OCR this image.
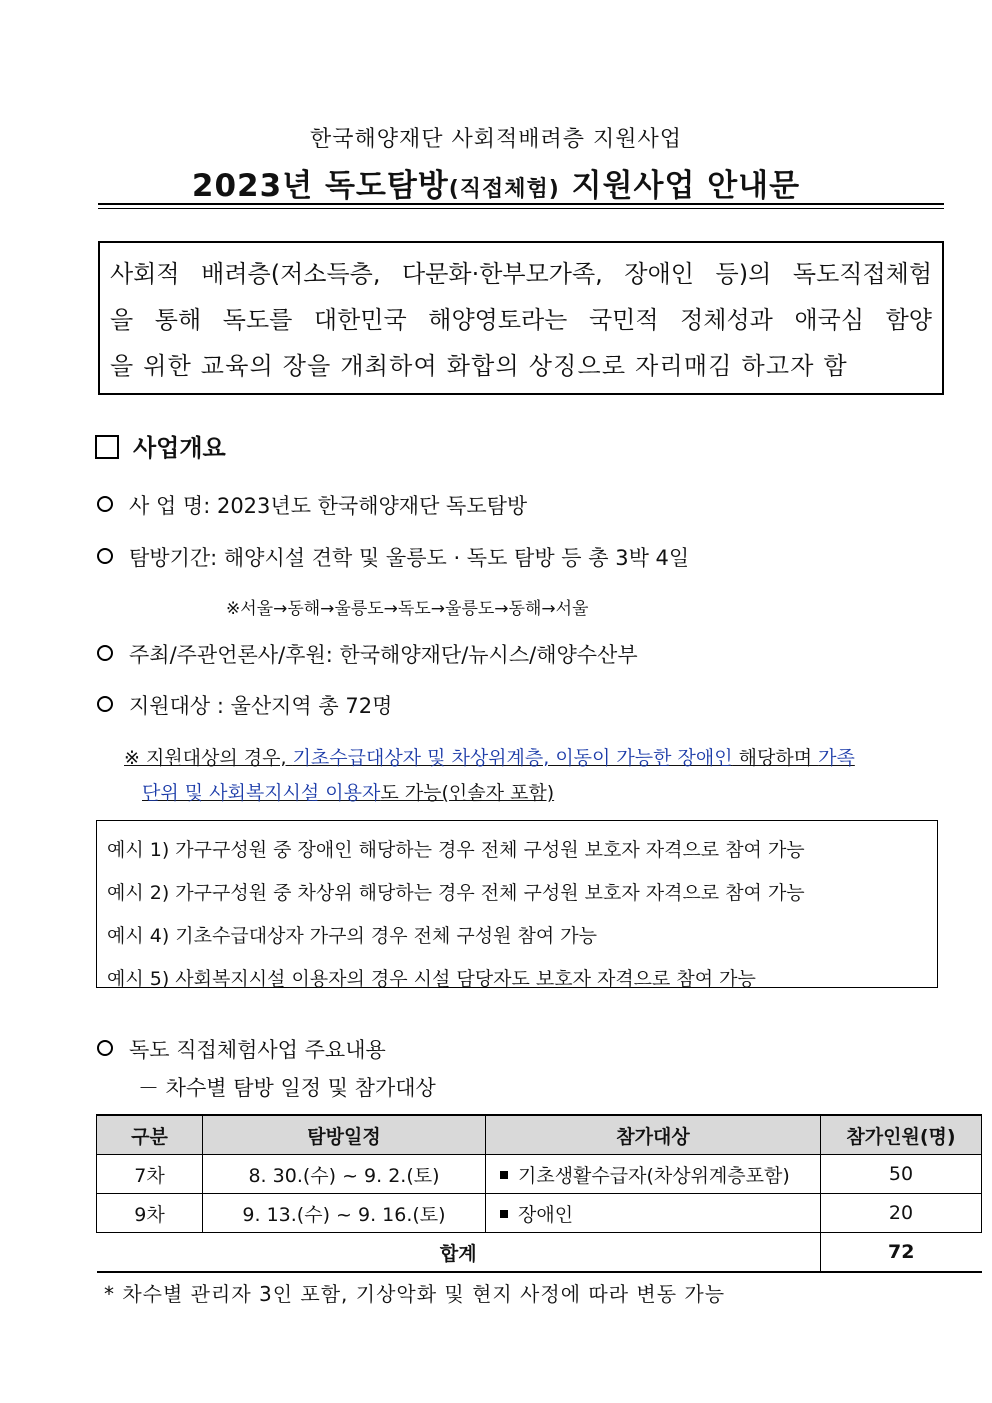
한국해양재단 사회적배려층 지원사업
2023년 독도탐방(직접체험) 지원사업 안내문
사회적 배려층(저소득층, 다문화·한부모가족, 장애인 등)의 독도직접체험
을 통해 독도를 대한민국 해양영토라는 국민적 정체성과 애국심 함양
을 위한 교육의 장을 개최하여 화합의 상징으로 자리매김 하고자 함
사업개요
사 업 명: 2023년도 한국해양재단 독도탐방
탐방기간: 해양시설 견학 및 울릉도 · 독도 탐방 등 총 3박 4일
※서울→동해→울릉도→독도→울릉도→동해→서울
주최/주관언론사/후원: 한국해양재단/뉴시스/해양수산부
지원대상 : 울산지역 총 72명
※ 지원대상의 경우, 기초수급대상자 및 차상위계층, 이동이 가능한 장애인 해당하며 가족
단위 및 사회복지시설 이용자도 가능(인솔자 포함)
예시 1) 가구구성원 중 장애인 해당하는 경우 전체 구성원 보호자 자격으로 참여 가능
예시 2) 가구구성원 중 차상위 해당하는 경우 전체 구성원 보호자 자격으로 참여 가능
예시 4) 기초수급대상자 가구의 경우 전체 구성원 참여 가능
예시 5) 사회복지시설 이용자의 경우 시설 담당자도 보호자 자격으로 참여 가능
독도 직접체험사업 주요내용
－ 차수별 탐방 일정 및 참가대상
구분	탐방일정	참가대상	참가인원(명)
7차	8. 30.(수) ~ 9. 2.(토)	기초생활수급자(차상위계층포함)	50
9차	9. 13.(수) ~ 9. 16.(토)	장애인	20
합계			72
* 차수별 관리자 3인 포함, 기상악화 및 현지 사정에 따라 변동 가능
